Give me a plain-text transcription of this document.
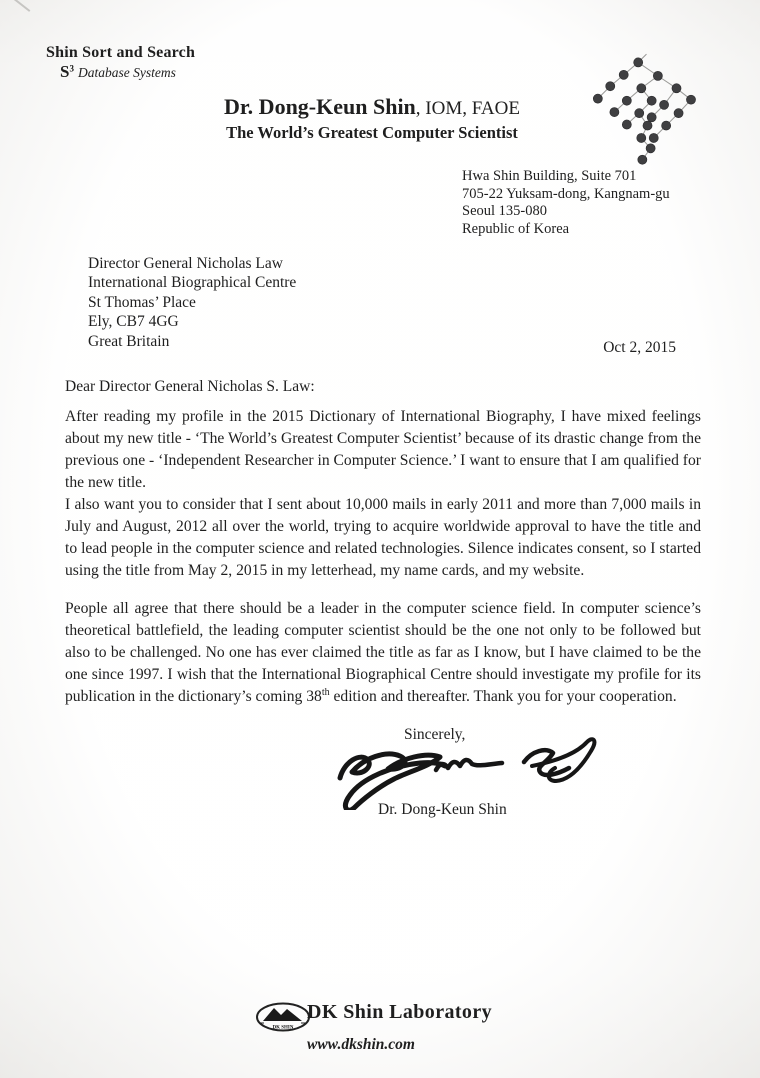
Shin Sort and Search
$S^3$ Database Systems
Dr. Dong-Keun Shin, IOM, FAOE
The World’s Greatest Computer Scientist
Hwa Shin Building, Suite 701
705-22 Yuksam-dong, Kangnam-gu
Seoul 135-080
Republic of Korea
Director General Nicholas Law
International Biographical Centre
St Thomas’ Place
Ely, CB7 4GG
Great Britain	Oct 2, 2015
Dear Director General Nicholas S. Law:
After reading my profile in the 2015 Dictionary of International Biography, I have mixed feelings about my new title - ‘The World’s Greatest Computer Scientist’ because of its drastic change from the previous one - ‘Independent Researcher in Computer Science.’ I want to ensure that I am qualified for the new title.
I also want you to consider that I sent about 10,000 mails in early 2011 and more than 7,000 mails in July and August, 2012 all over the world, trying to acquire worldwide approval to have the title and to lead people in the computer science and related technologies. Silence indicates consent, so I started using the title from May 2, 2015 in my letterhead, my name cards, and my website.
People all agree that there should be a leader in the computer science field. In computer science’s theoretical battlefield, the leading computer scientist should be the one not only to be followed but also to be challenged. No one has ever claimed the title as far as I know, but I have claimed to be the one since 1997. I wish that the International Biographical Centre should investigate my profile for its publication in the dictionary’s coming 38th edition and thereafter. Thank you for your cooperation.
Sincerely,
Dr. Dong-Keun Shin
DK SHIN
DK Shin Laboratory
www.dkshin.com
